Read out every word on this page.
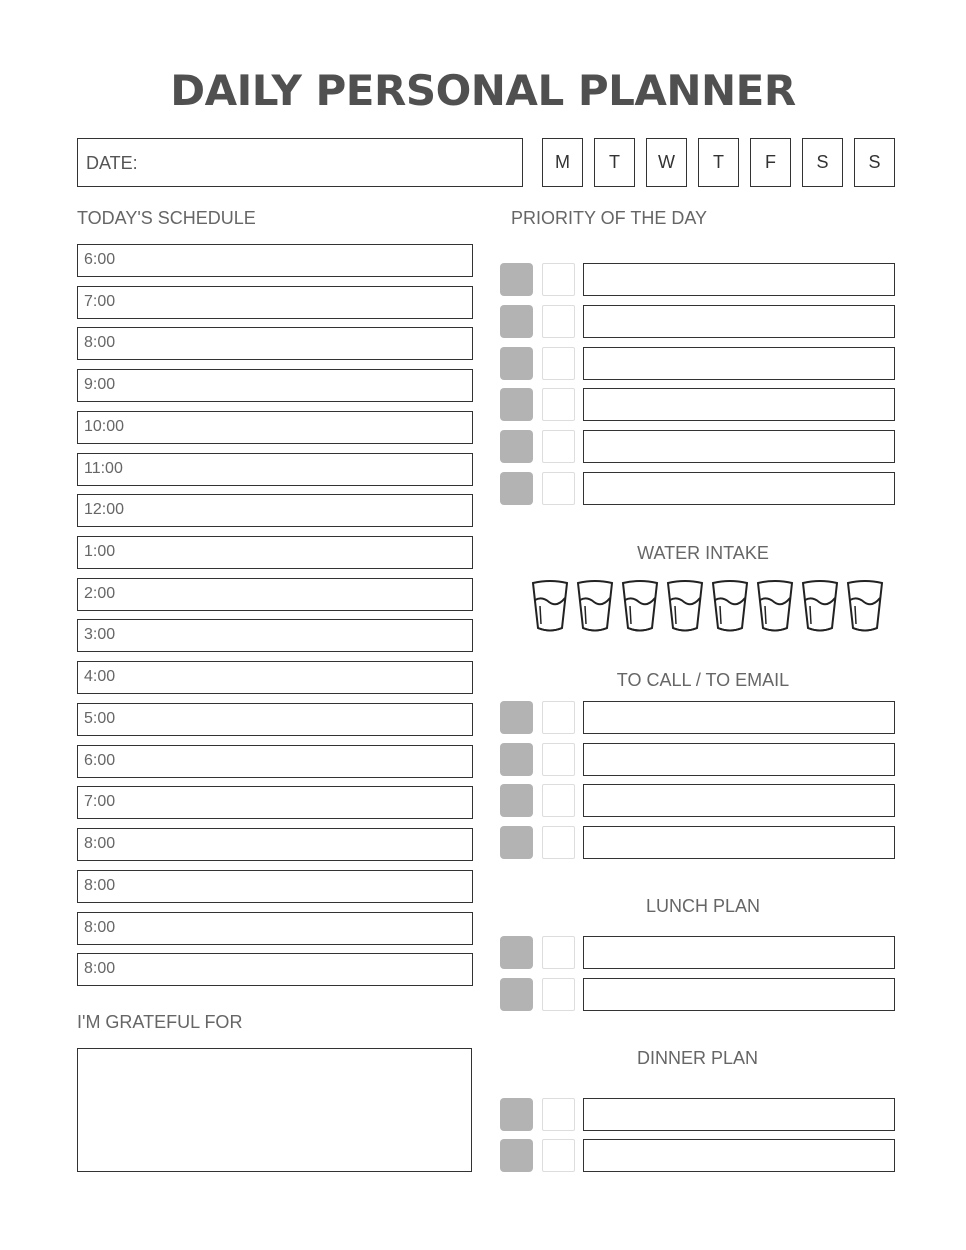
DAILY PERSONAL PLANNER
DATE:	M	T	W	T	F	S	S
TODAY'S SCHEDULE
6:00
7:00
8:00
9:00
10:00
11:00
12:00
1:00
2:00
3:00
4:00
5:00
6:00
7:00
8:00
8:00
8:00
8:00
I'M GRATEFUL FOR
PRIORITY OF THE DAY
WATER INTAKE
TO CALL / TO EMAIL
LUNCH PLAN
DINNER PLAN
